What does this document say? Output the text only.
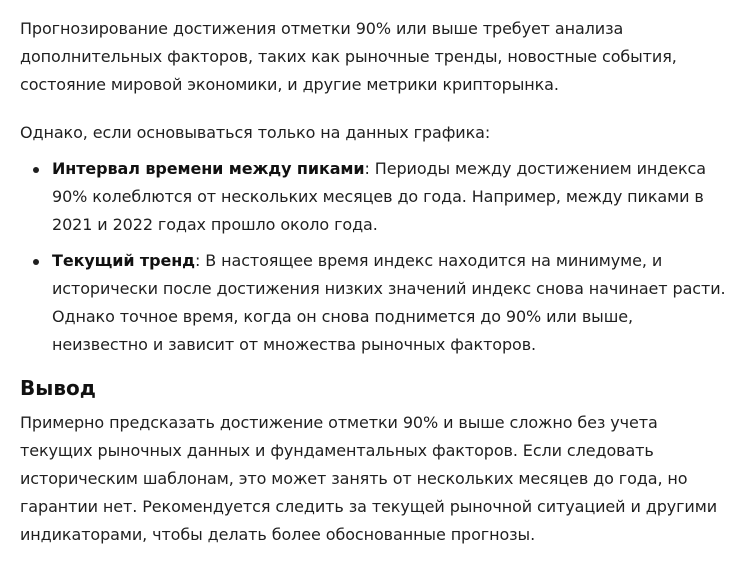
Прогнозирование достижения отметки 90% или выше требует анализа дополнительных факторов, таких как рыночные тренды, новостные события, состояние мировой экономики, и другие метрики крипторынка.

Однако, если основываться только на данных графика:

Интервал времени между пиками: Периоды между достижением индекса 90% колеблются от нескольких месяцев до года. Например, между пиками в 2021 и 2022 годах прошло около года.
Текущий тренд: В настоящее время индекс находится на минимуме, и исторически после достижения низких значений индекс снова начинает расти. Однако точное время, когда он снова поднимется до 90% или выше, неизвестно и зависит от множества рыночных факторов.
Вывод

Примерно предсказать достижение отметки 90% и выше сложно без учета текущих рыночных данных и фундаментальных факторов. Если следовать историческим шаблонам, это может занять от нескольких месяцев до года, но гарантии нет. Рекомендуется следить за текущей рыночной ситуацией и другими индикаторами, чтобы делать более обоснованные прогнозы.
